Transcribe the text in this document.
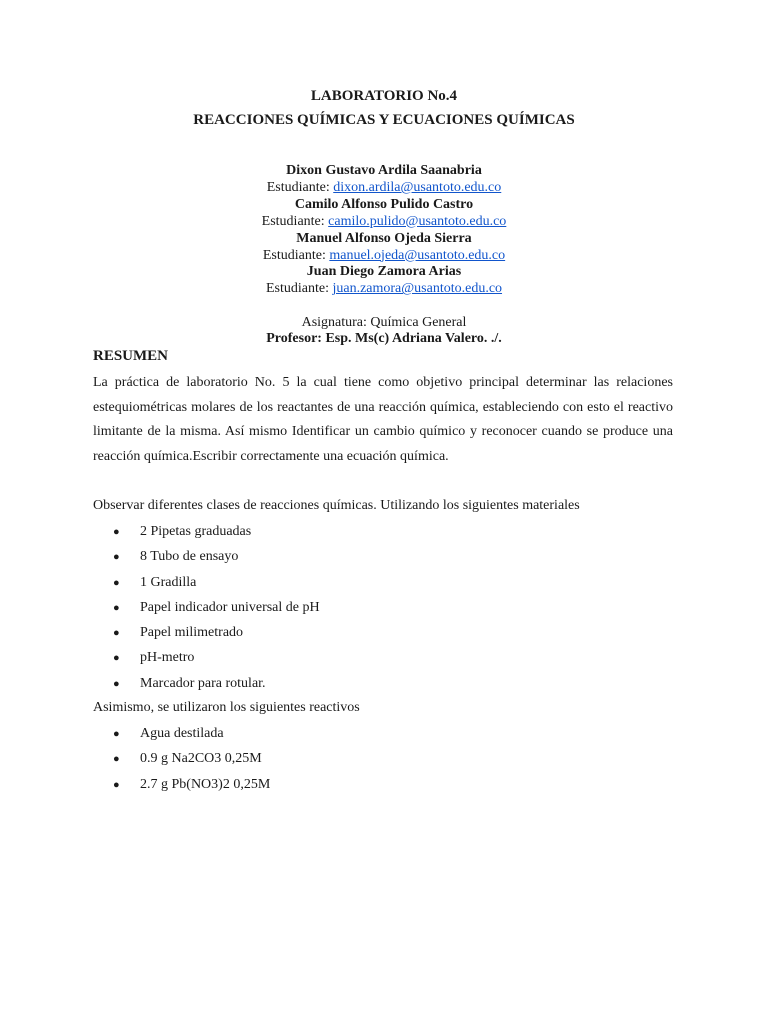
LABORATORIO No.4
REACCIONES QUÍMICAS Y ECUACIONES QUÍMICAS
Dixon Gustavo Ardila Saanabria
Estudiante: dixon.ardila@usantoto.edu.co
Camilo Alfonso Pulido Castro
Estudiante: camilo.pulido@usantoto.edu.co
Manuel Alfonso Ojeda Sierra
Estudiante: manuel.ojeda@usantoto.edu.co
Juan Diego Zamora Arias
Estudiante: juan.zamora@usantoto.edu.co
Asignatura: Química General
Profesor: Esp. Ms(c) Adriana Valero. ./.
RESUMEN
La práctica de laboratorio No. 5 la cual tiene como objetivo principal determinar las relaciones estequiométricas molares de los reactantes de una reacción química, estableciendo con esto el reactivo limitante de la misma. Así mismo Identificar un cambio químico y reconocer cuando se produce una reacción química.Escribir correctamente una ecuación química.
Observar diferentes clases de reacciones químicas. Utilizando los siguientes materiales
● 2 Pipetas graduadas
● 8 Tubo de ensayo
● 1 Gradilla
● Papel indicador universal de pH
● Papel milimetrado
● pH-metro
● Marcador para rotular.
Asimismo, se utilizaron los siguientes reactivos
● Agua destilada
● 0.9 g Na2CO3 0,25M
● 2.7 g Pb(NO3)2 0,25M
